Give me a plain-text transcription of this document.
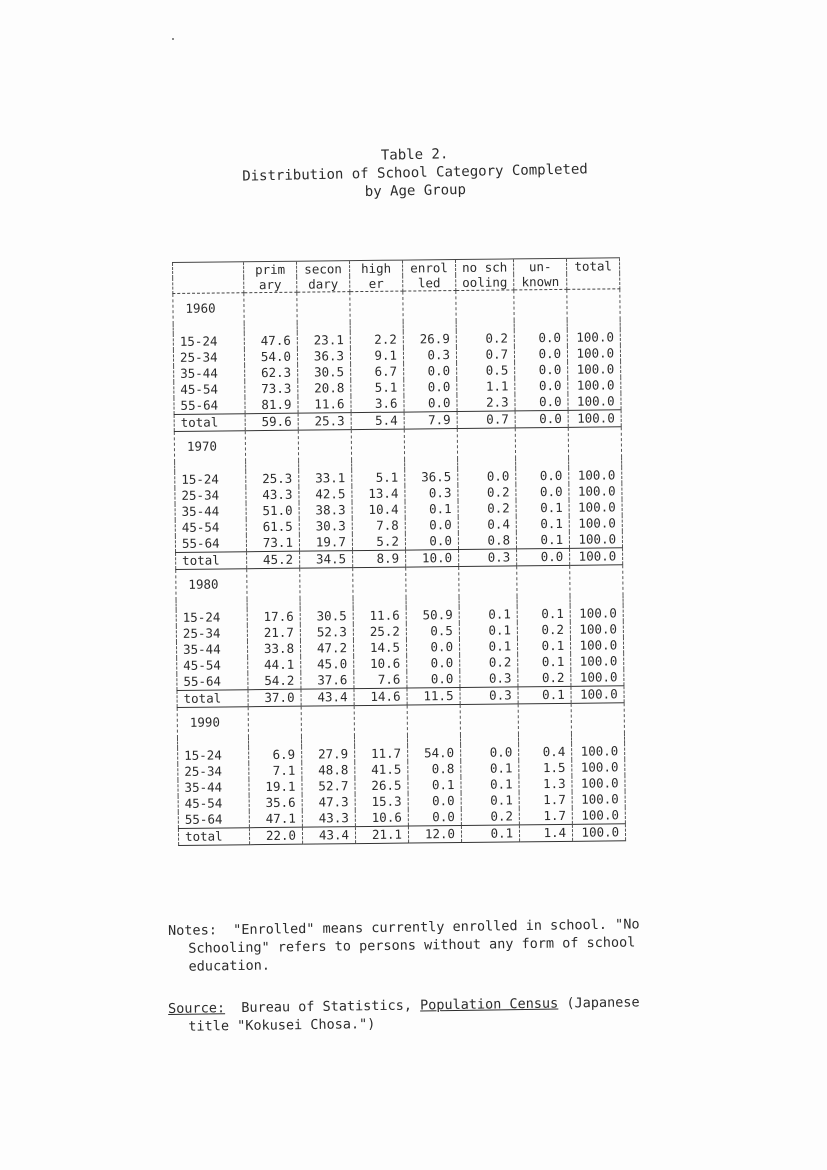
Table 2.
Distribution of School Category Completed
by Age Group
	prim	secon	high	enrol	no sch	un-	total
	ary	dary	er	led	ooling	known	
1960							

15-24	47.6	23.1	2.2	26.9	0.2	0.0	100.0
25-34	54.0	36.3	9.1	0.3	0.7	0.0	100.0
35-44	62.3	30.5	6.7	0.0	0.5	0.0	100.0
45-54	73.3	20.8	5.1	0.0	1.1	0.0	100.0
55-64	81.9	11.6	3.6	0.0	2.3	0.0	100.0
total	59.6	25.3	5.4	7.9	0.7	0.0	100.0
1970							

15-24	25.3	33.1	5.1	36.5	0.0	0.0	100.0
25-34	43.3	42.5	13.4	0.3	0.2	0.0	100.0
35-44	51.0	38.3	10.4	0.1	0.2	0.1	100.0
45-54	61.5	30.3	7.8	0.0	0.4	0.1	100.0
55-64	73.1	19.7	5.2	0.0	0.8	0.1	100.0
total	45.2	34.5	8.9	10.0	0.3	0.0	100.0
1980							

15-24	17.6	30.5	11.6	50.9	0.1	0.1	100.0
25-34	21.7	52.3	25.2	0.5	0.1	0.2	100.0
35-44	33.8	47.2	14.5	0.0	0.1	0.1	100.0
45-54	44.1	45.0	10.6	0.0	0.2	0.1	100.0
55-64	54.2	37.6	7.6	0.0	0.3	0.2	100.0
total	37.0	43.4	14.6	11.5	0.3	0.1	100.0
1990							

15-24	6.9	27.9	11.7	54.0	0.0	0.4	100.0
25-34	7.1	48.8	41.5	0.8	0.1	1.5	100.0
35-44	19.1	52.7	26.5	0.1	0.1	1.3	100.0
45-54	35.6	47.3	15.3	0.0	0.1	1.7	100.0
55-64	47.1	43.3	10.6	0.0	0.2	1.7	100.0
total	22.0	43.4	21.1	12.0	0.1	1.4	100.0

Notes: "Enrolled" means currently enrolled in school. "No

Schooling" refers to persons without any form of school

education.

Source: Bureau of Statistics, Population Census (Japanese

title "Kokusei Chosa.")
